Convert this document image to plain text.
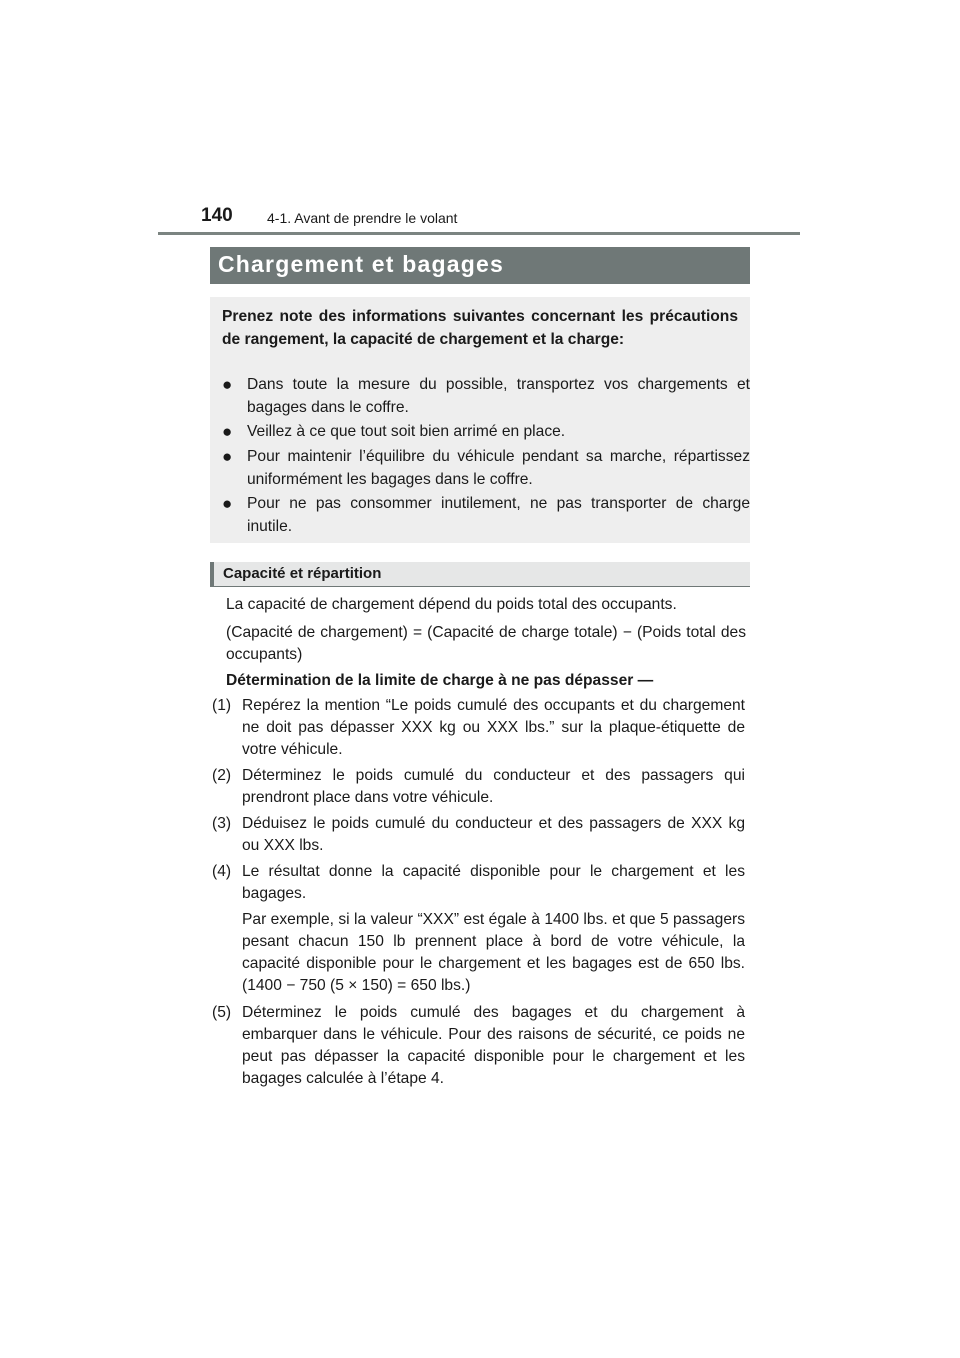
140 4-1. Avant de prendre le volant
Chargement et bagages
Prenez note des informations suivantes concernant les précautions de rangement, la capacité de chargement et la charge:
● Dans toute la mesure du possible, transportez vos chargements et bagages dans le coffre.
● Veillez à ce que tout soit bien arrimé en place.
● Pour maintenir l’équilibre du véhicule pendant sa marche, répartissez uniformément les bagages dans le coffre.
● Pour ne pas consommer inutilement, ne pas transporter de charge inutile.
Capacité et répartition
La capacité de chargement dépend du poids total des occupants.
(Capacité de chargement) = (Capacité de charge totale) − (Poids total des occupants)
Détermination de la limite de charge à ne pas dépasser —
(1) Repérez la mention “Le poids cumulé des occupants et du chargement ne doit pas dépasser XXX kg ou XXX lbs.” sur la plaque-étiquette de votre véhicule.
(2) Déterminez le poids cumulé du conducteur et des passagers qui prendront place dans votre véhicule.
(3) Déduisez le poids cumulé du conducteur et des passagers de XXX kg ou XXX lbs.
(4) Le résultat donne la capacité disponible pour le chargement et les bagages.
Par exemple, si la valeur “XXX” est égale à 1400 lbs. et que 5 passagers pesant chacun 150 lb prennent place à bord de votre véhicule, la capacité disponible pour le chargement et les bagages est de 650 lbs. (1400 − 750 (5 × 150) = 650 lbs.)
(5) Déterminez le poids cumulé des bagages et du chargement à embarquer dans le véhicule. Pour des raisons de sécurité, ce poids ne peut pas dépasser la capacité disponible pour le chargement et les bagages calculée à l’étape 4.
